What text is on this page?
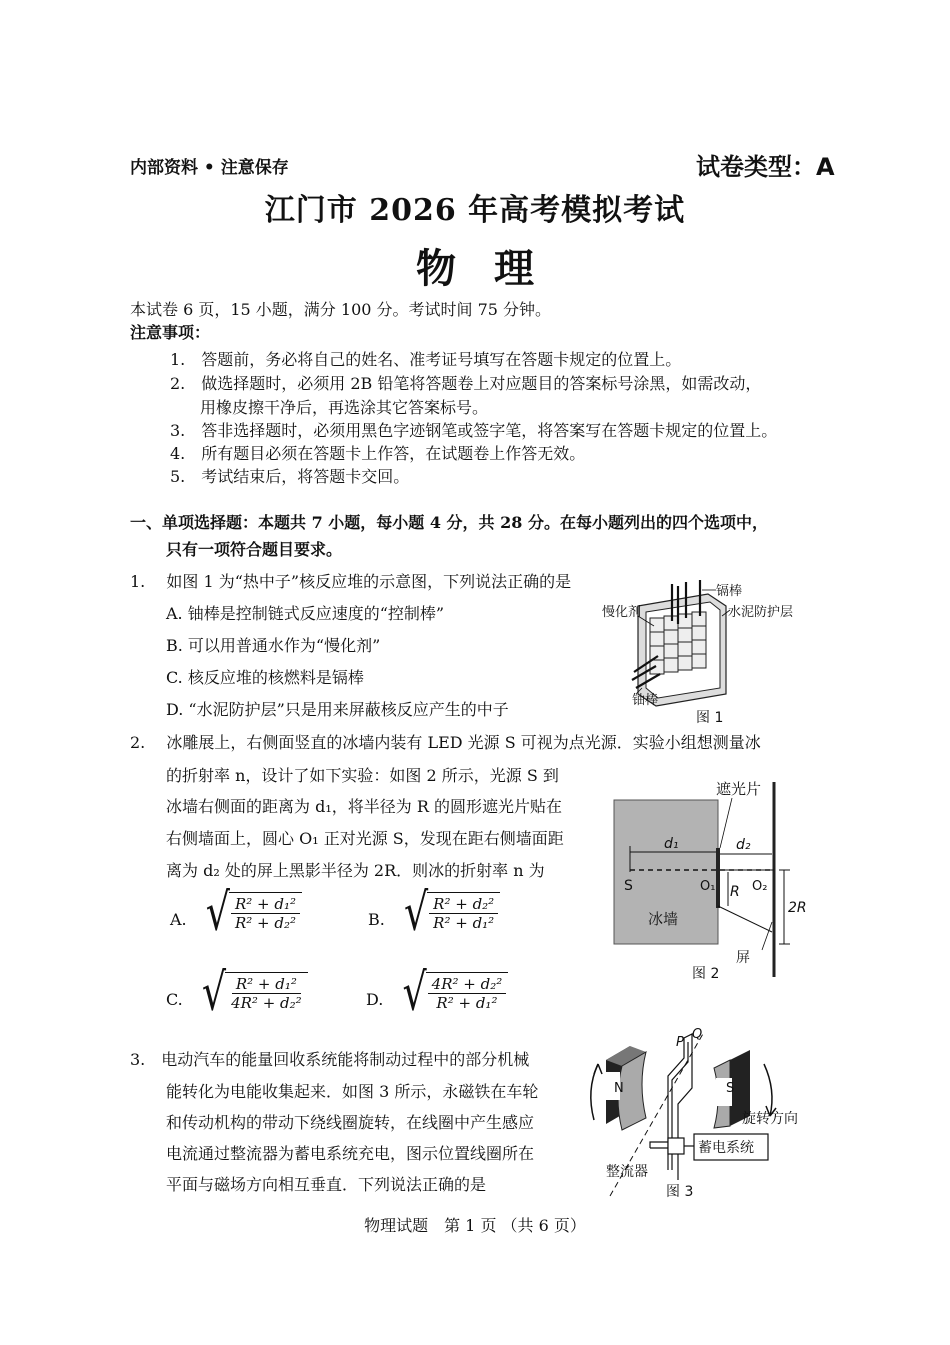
内部资料 • 注意保存	试卷类型：A
江门市 2026 年高考模拟考试
物理
本试卷 6 页，15 小题，满分 100 分。考试时间 75 分钟。
注意事项：
1.　答题前，务必将自己的姓名、准考证号填写在答题卡规定的位置上。
2.　做选择题时，必须用 2B 铅笔将答题卷上对应题目的答案标号涂黑，如需改动，
用橡皮擦干净后，再选涂其它答案标号。
3.　答非选择题时，必须用黑色字迹钢笔或签字笔，将答案写在答题卡规定的位置上。
4.　所有题目必须在答题卡上作答，在试题卷上作答无效。
5.　考试结束后，将答题卡交回。
一、单项选择题：本题共 7 小题，每小题 4 分，共 28 分。在每小题列出的四个选项中，
只有一项符合题目要求。
1.　 如图 1 为“热中子”核反应堆的示意图，下列说法正确的是
A. 铀棒是控制链式反应速度的“控制棒”
B. 可以用普通水作为“慢化剂”
C. 核反应堆的核燃料是镉棒
D. “水泥防护层”只是用来屏蔽核反应产生的中子
镉棒
慢化剂	水泥防护层
铀棒
图 1
2.　 冰雕展上，右侧面竖直的冰墙内装有 LED 光源 S 可视为点光源．实验小组想测量冰
的折射率 n，设计了如下实验：如图 2 所示，光源 S 到
冰墙右侧面的距离为 d₁，将半径为 R 的圆形遮光片贴在
右侧墙面上，圆心 O₁ 正对光源 S，发现在距右侧墙面距
离为 d₂ 处的屏上黑影半径为 2R．则冰的折射率 n 为
A. √ $\frac{\text{R² + d₁²}}{\text{R² + d₂²}}$	B. √ $\frac{\text{R² + d₂²}}{\text{R² + d₁²}}$
C. √ $\frac{\text{R² + d₁²}}{\text{4R² + d₂²}}$	D. √ $\frac{\text{4R² + d₂²}}{\text{R² + d₁²}}$
遮光片
d₁	d₂
S	O₁	O₂
R
2R
冰墙
屏
图 2
3.　电动汽车的能量回收系统能将制动过程中的部分机械
能转化为电能收集起来．如图 3 所示，永磁铁在车轮
和传动机构的带动下绕线圈旋转，在线圈中产生感应
电流通过整流器为蓄电系统充电，图示位置线圈所在
平面与磁场方向相互垂直．下列说法正确的是
N	S
P
Q
旋转方向
蓄电系统
整流器
图 3
物理试题　第 1 页 （共 6 页）
